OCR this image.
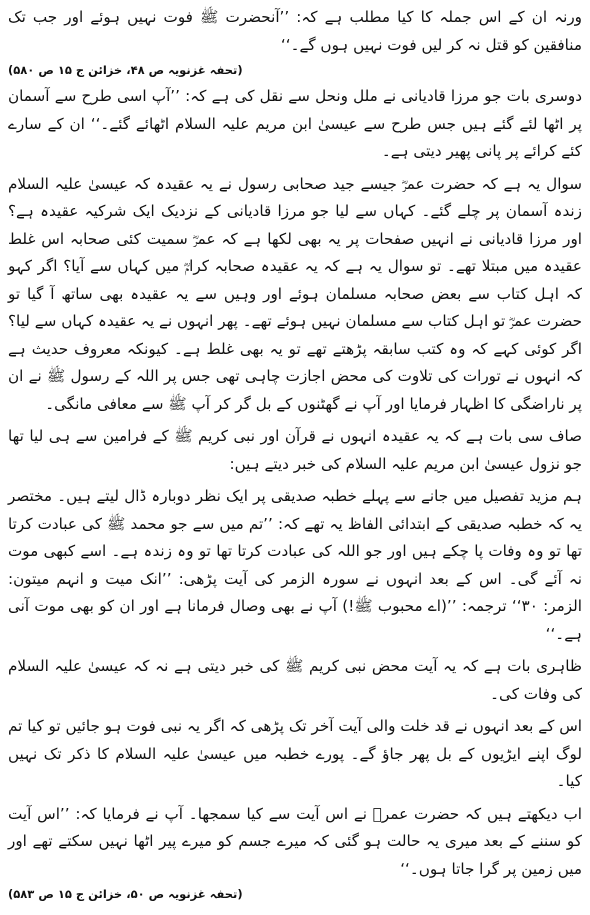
ورنہ ان کے اس جملہ کا کیا مطلب ہے کہ: ’’آنحضرت ﷺ فوت نہیں ہوئے اور جب تک منافقین کو قتل نہ کر لیں فوت نہیں ہوں گے۔‘‘

(تحفہ غزنویہ ص ۴۸، خزائن ج ۱۵ ص ۵۸۰)

دوسری بات جو مرزا قادیانی نے ملل ونحل سے نقل کی ہے کہ: ’’آپ اسی طرح سے آسمان پر اٹھا لئے گئے ہیں جس طرح سے عیسیٰ ابن مریم علیہ السلام اٹھائے گئے۔‘‘ ان کے سارے کئے کرائے پر پانی پھیر دیتی ہے۔

سوال یہ ہے کہ حضرت عمرؓ جیسے جید صحابی رسول نے یہ عقیدہ کہ عیسیٰ علیہ السلام زندہ آسمان پر چلے گئے۔ کہاں سے لیا جو مرزا قادیانی کے نزدیک ایک شرکیہ عقیدہ ہے؟ اور مرزا قادیانی نے انہیں صفحات پر یہ بھی لکھا ہے کہ عمرؓ سمیت کئی صحابہ اس غلط عقیدہ میں مبتلا تھے۔ تو سوال یہ ہے کہ یہ عقیدہ صحابہ کرامؓ میں کہاں سے آیا؟ اگر کہو کہ اہل کتاب سے بعض صحابہ مسلمان ہوئے اور وہیں سے یہ عقیدہ بھی ساتھ آ گیا تو حضرت عمرؓ تو اہل کتاب سے مسلمان نہیں ہوئے تھے۔ پھر انہوں نے یہ عقیدہ کہاں سے لیا؟ اگر کوئی کہے کہ وہ کتب سابقہ پڑھتے تھے تو یہ بھی غلط ہے۔ کیونکہ معروف حدیث ہے کہ انہوں نے تورات کی تلاوت کی محض اجازت چاہی تھی جس پر اللہ کے رسول ﷺ نے ان پر ناراضگی کا اظہار فرمایا اور آپ نے گھٹنوں کے بل گر کر آپ ﷺ سے معافی مانگی۔

صاف سی بات ہے کہ یہ عقیدہ انہوں نے قرآن اور نبی کریم ﷺ کے فرامین سے ہی لیا تھا جو نزول عیسیٰ ابن مریم علیہ السلام کی خبر دیتے ہیں:

ہم مزید تفصیل میں جانے سے پہلے خطبہ صدیقی پر ایک نظر دوبارہ ڈال لیتے ہیں۔ مختصر یہ کہ خطبہ صدیقی کے ابتدائی الفاظ یہ تھے کہ: ’’تم میں سے جو محمد ﷺ کی عبادت کرتا تھا تو وہ وفات پا چکے ہیں اور جو اللہ کی عبادت کرتا تھا تو وہ زندہ ہے۔ اسے کبھی موت نہ آئے گی۔ اس کے بعد انہوں نے سورہ الزمر کی آیت پڑھی: ’’انک میت و انہم میتون: الزمر: ۳۰‘‘ ترجمہ: ’’(اے محبوب ﷺ!) آپ نے بھی وصال فرمانا ہے اور ان کو بھی موت آنی ہے۔‘‘

ظاہری بات ہے کہ یہ آیت محض نبی کریم ﷺ کی خبر دیتی ہے نہ کہ عیسیٰ علیہ السلام کی وفات کی۔

اس کے بعد انہوں نے قد خلت والی آیت آخر تک پڑھی کہ اگر یہ نبی فوت ہو جائیں تو کیا تم لوگ اپنے ایڑیوں کے بل پھر جاؤ گے۔ پورے خطبہ میں عیسیٰ علیہ السلام کا ذکر تک نہیں کیا۔

اب دیکھتے ہیں کہ حضرت عمرؓ نے اس آیت سے کیا سمجھا۔ آپ نے فرمایا کہ: ’’اس آیت کو سننے کے بعد میری یہ حالت ہو گئی کہ میرے جسم کو میرے پیر اٹھا نہیں سکتے تھے اور میں زمین پر گرا جاتا ہوں۔‘‘

(تحفہ غزنویہ ص ۵۰، خزائن ج ۱۵ ص ۵۸۳)
